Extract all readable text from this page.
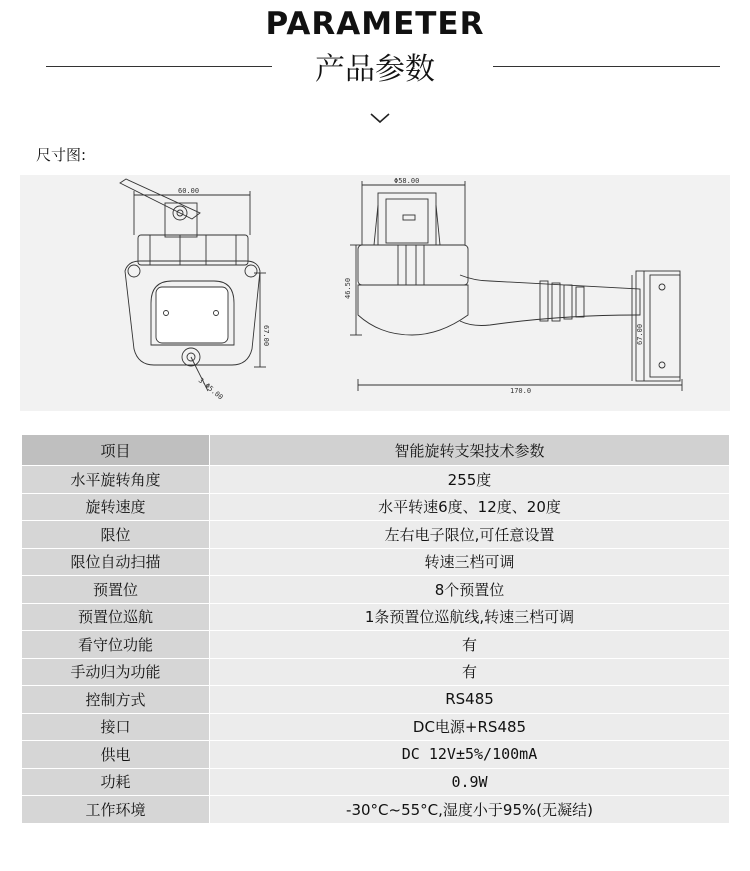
PARAMETER
产品参数
尺寸图:
60.00
67.00
3-Φ5.00
Φ58.00
46.50
67.00
170.0
项目	智能旋转支架技术参数
水平旋转角度	255度
旋转速度	水平转速6度、12度、20度
限位	左右电子限位,可任意设置
限位自动扫描	转速三档可调
预置位	8个预置位
预置位巡航	1条预置位巡航线,转速三档可调
看守位功能	有
手动归为功能	有
控制方式	RS485
接口	DC电源+RS485
供电	DC 12V±5%/100mA
功耗	0.9W
工作环境	-30°C~55°C,湿度小于95%(无凝结)
